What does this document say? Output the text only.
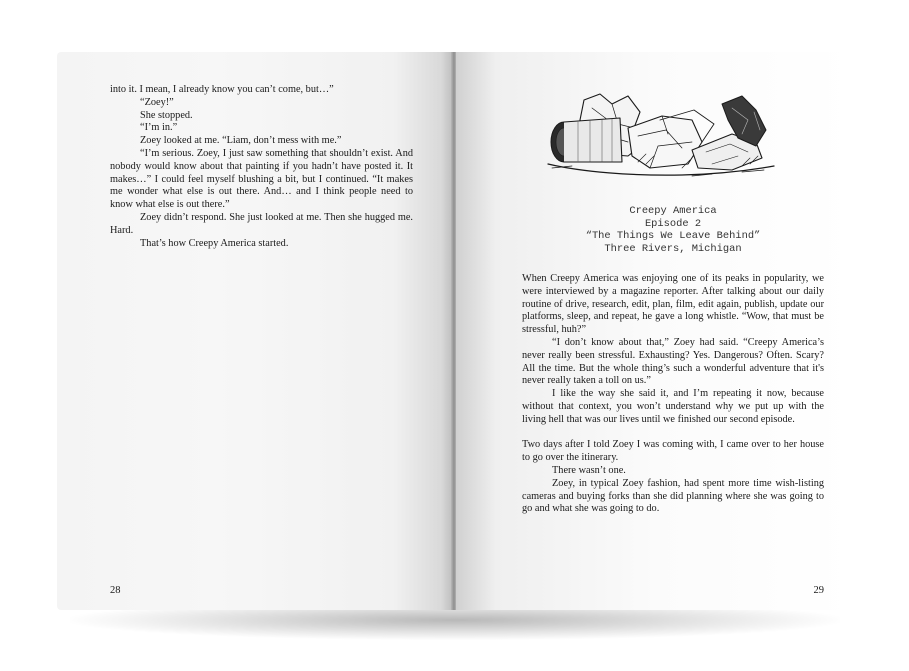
into it. I mean, I already know you can’t come, but…”

“Zoey!”

She stopped.

“I’m in.”

Zoey looked at me. “Liam, don’t mess with me.”

“I’m serious. Zoey, I just saw something that shouldn’t exist. And nobody would know about that painting if you hadn’t have posted it. It makes…” I could feel myself blushing a bit, but I continued. “It makes me wonder what else is out there. And… and I think people need to know what else is out there.”

Zoey didn’t respond. She just looked at me. Then she hugged me. Hard.

That’s how Creepy America started.

28
Creepy America
Episode 2
“The Things We Leave Behind”
Three Rivers, Michigan

When Creepy America was enjoying one of its peaks in popularity, we were interviewed by a magazine reporter. After talking about our daily routine of drive, research, edit, plan, film, edit again, publish, update our platforms, sleep, and repeat, he gave a long whistle. “Wow, that must be stressful, huh?”

“I don’t know about that,” Zoey had said. “Creepy America’s never really been stressful. Exhausting? Yes. Dangerous? Often. Scary? All the time. But the whole thing’s such a wonderful adventure that it's never really taken a toll on us.”

I like the way she said it, and I’m repeating it now, because without that context, you won’t understand why we put up with the living hell that was our lives until we finished our second episode.

Two days after I told Zoey I was coming with, I came over to her house to go over the itinerary.

There wasn’t one.

Zoey, in typical Zoey fashion, had spent more time wish-listing cameras and buying forks than she did planning where she was going to go and what she was going to do.

29
